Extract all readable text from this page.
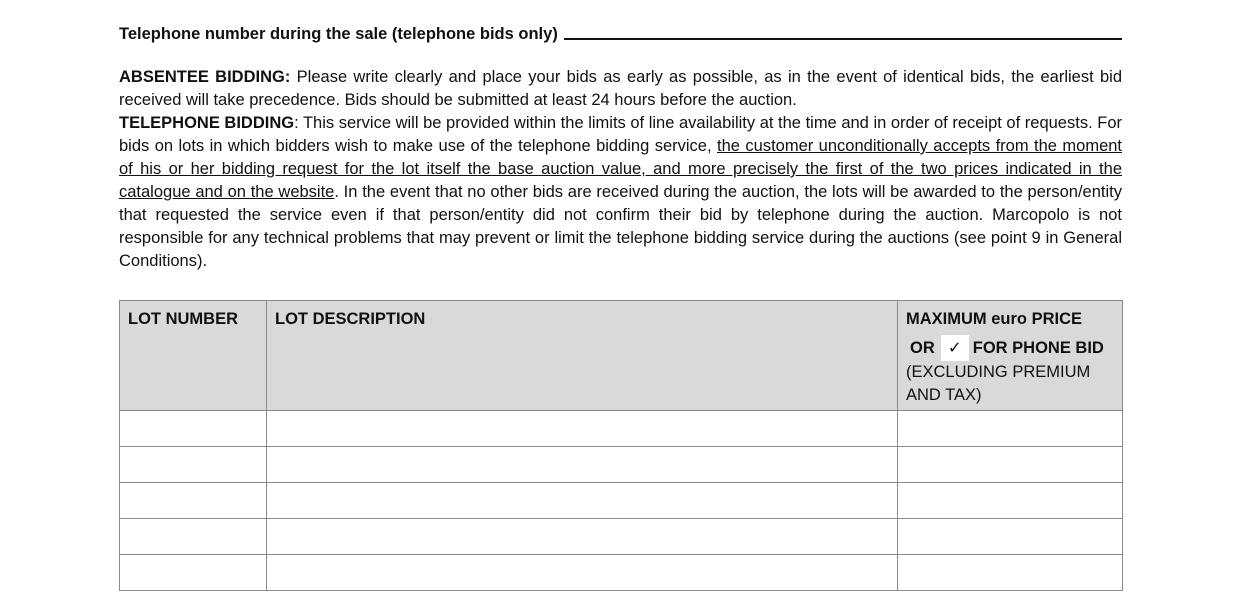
Telephone number during the sale (telephone bids only)

ABSENTEE BIDDING: Please write clearly and place your bids as early as possible, as in the event of identical bids, the earliest bid received will take precedence. Bids should be submitted at least 24 hours before the auction.

TELEPHONE BIDDING: This service will be provided within the limits of line availability at the time and in order of receipt of requests. For bids on lots in which bidders wish to make use of the telephone bidding service, the customer unconditionally accepts from the moment of his or her bidding request for the lot itself the base auction value, and more precisely the first of the two prices indicated in the catalogue and on the website. In the event that no other bids are received during the auction, the lots will be awarded to the person/entity that requested the service even if that person/entity did not confirm their bid by telephone during the auction. Marcopolo is not responsible for any technical problems that may prevent or limit the telephone bidding service during the auctions (see point 9 in General Conditions).

LOT NUMBER	LOT DESCRIPTION	MAXIMUM euro PRICE
OR ✓ FOR PHONE BID
(EXCLUDING PREMIUM AND TAX)
